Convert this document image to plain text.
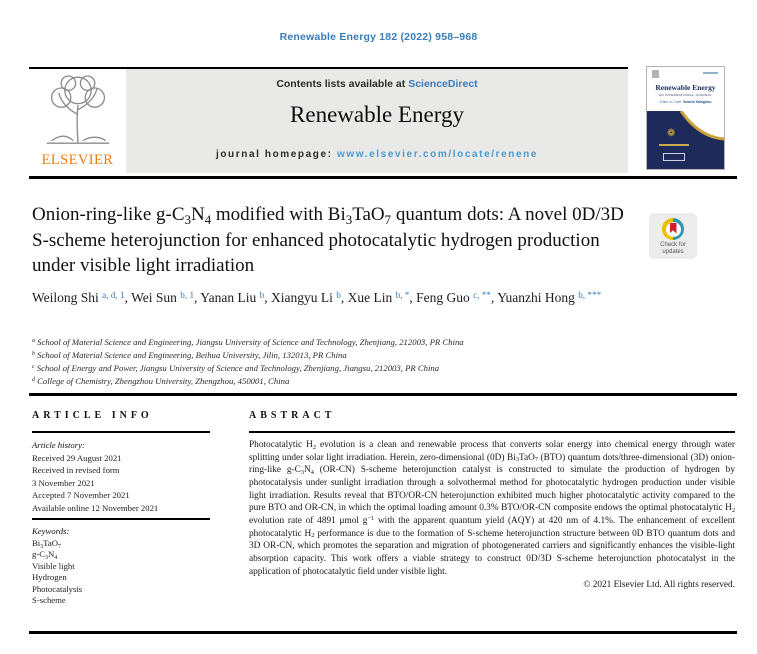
Renewable Energy 182 (2022) 958–968
ELSEVIER
Contents lists available at ScienceDirect
Renewable Energy
journal homepage: www.elsevier.com/locate/renene
Renewable Energy
AN INTERNATIONAL JOURNAL
Editor-in-Chief: Soteris Kalogirou
❁
Onion-ring-like $g-C_3N_4$ modified with $Bi_3TaO_7$ quantum dots: A novel 0D/3D S-scheme heterojunction for enhanced photocatalytic hydrogen production under visible light irradiation
Check for
updates
Weilong Shi $^{a, d, 1}$, Wei Sun $^{b, 1}$, Yanan Liu $^b$, Xiangyu Li $^b$, Xue Lin $^{b, *}$, Feng Guo $^{c, **}$, Yuanzhi Hong $^{b, ***}$
$^a$ School of Material Science and Engineering, Jiangsu University of Science and Technology, Zhenjiang, 212003, PR China
$^b$ School of Material Science and Engineering, Beihua University, Jilin, 132013, PR China
$^c$ School of Energy and Power, Jiangsu University of Science and Technology, Zhenjiang, Jiangsu, 212003, PR China
$^d$ College of Chemistry, Zhengzhou University, Zhengzhou, 450001, China
ARTICLE INFO
Article history:
Received 29 August 2021
Received in revised form
3 November 2021
Accepted 7 November 2021
Available online 12 November 2021
Keywords:
$Bi_3TaO_7$
$g-C_3N_4$
Visible light
Hydrogen
Photocatalysis
S-scheme
ABSTRACT
Photocatalytic $H_2$ evolution is a clean and renewable process that converts solar energy into chemical energy through water splitting under solar light irradiation. Herein, zero-dimensional (0D) $Bi_3TaO_7$ (BTO) quantum dots/three-dimensional (3D) onion-ring-like $g-C_3N_4$ (OR-CN) S-scheme heterojunction catalyst is constructed to simulate the production of hydrogen by photocatalysis under sunlight irradiation through a solvothermal method for photocatalytic hydrogen production under visible light irradiation. Results reveal that BTO/OR-CN heterojunction exhibited much higher photocatalytic activity compared to the pure BTO and OR-CN, in which the optimal loading amount 0.3% BTO/OR-CN composite endows the optimal photocatalytic $H_2$ evolution rate of 4891 μmol $g^{-1}$ with the apparent quantum yield (AQY) at 420 nm of 4.1%. The enhancement of excellent photocatalytic $H_2$ performance is due to the formation of S-scheme heterojunction structure between 0D BTO quantum dots and 3D OR-CN, which promotes the separation and migration of photogenerated carriers and significantly enhances the visible-light absorption capacity. This work offers a viable strategy to construct 0D/3D S-scheme heterojunction photocatalyst in the application of photocatalytic field under visible light.
© 2021 Elsevier Ltd. All rights reserved.
